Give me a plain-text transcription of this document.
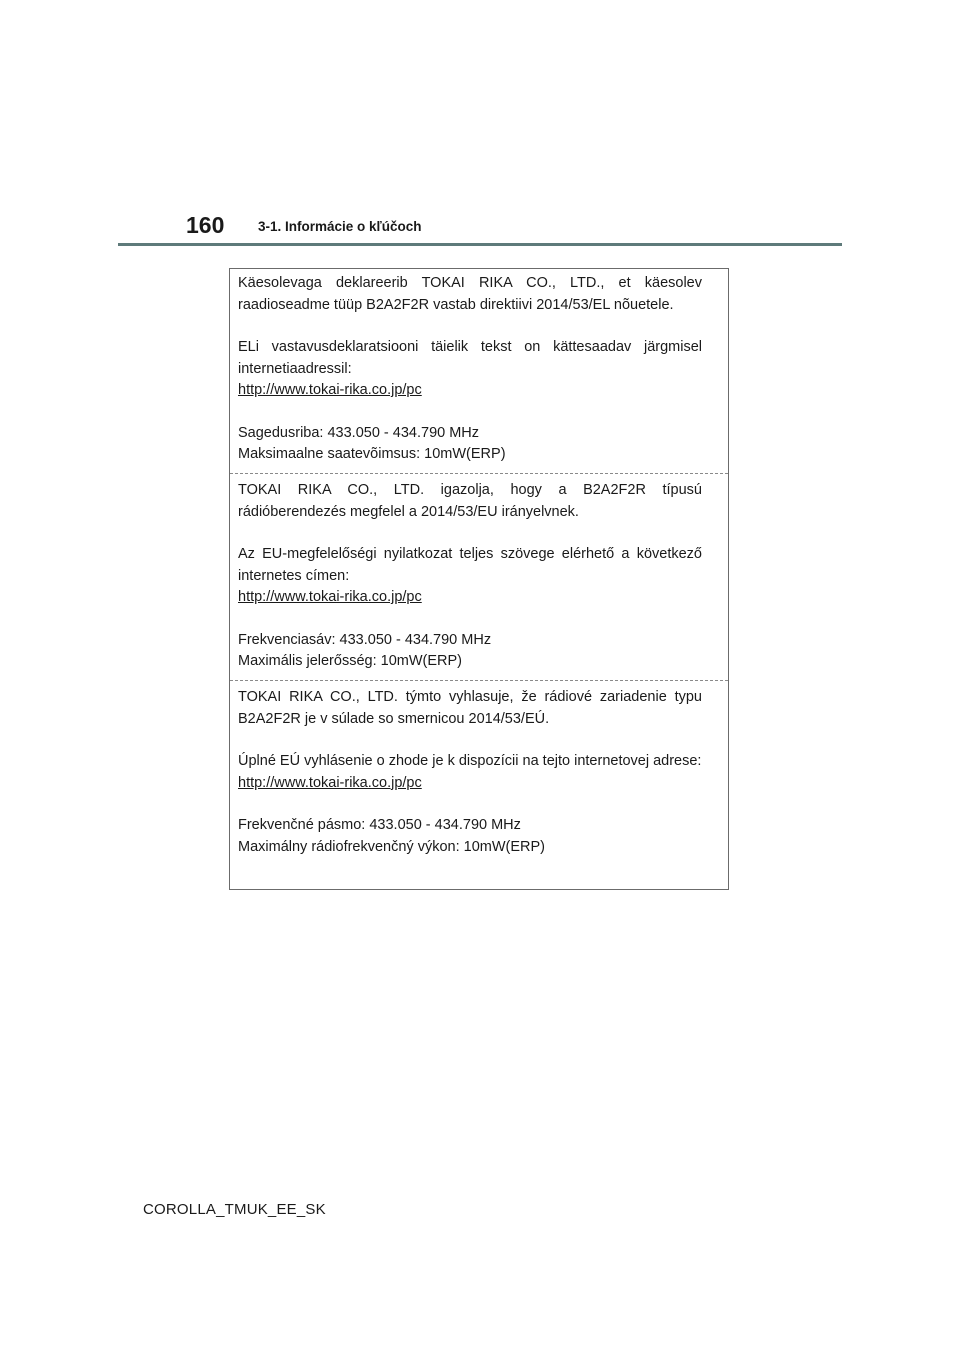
160 3-1. Informácie o kľúčoch

Käesolevaga deklareerib TOKAI RIKA CO., LTD., et käesolev raadioseadme tüüp B2A2F2R vastab direktiivi 2014/53/EL nõuetele.

ELi vastavusdeklaratsiooni täielik tekst on kättesaadav järgmisel internetiaadressil:
http://www.tokai-rika.co.jp/pc

Sagedusriba: 433.050 - 434.790 MHz
Maksimaalne saatevõimsus: 10mW(ERP)

TOKAI RIKA CO., LTD. igazolja, hogy a B2A2F2R típusú rádióberendezés megfelel a 2014/53/EU irányelvnek.

Az EU-megfelelőségi nyilatkozat teljes szövege elérhető a következő internetes címen:
http://www.tokai-rika.co.jp/pc

Frekvenciasáv: 433.050 - 434.790 MHz
Maximális jelerősség: 10mW(ERP)

TOKAI RIKA CO., LTD. týmto vyhlasuje, že rádiové zariadenie typu B2A2F2R je v súlade so smernicou 2014/53/EÚ.

Úplné EÚ vyhlásenie o zhode je k dispozícii na tejto internetovej adrese:
http://www.tokai-rika.co.jp/pc

Frekvenčné pásmo: 433.050 - 434.790 MHz
Maximálny rádiofrekvenčný výkon: 10mW(ERP)

COROLLA_TMUK_EE_SK
